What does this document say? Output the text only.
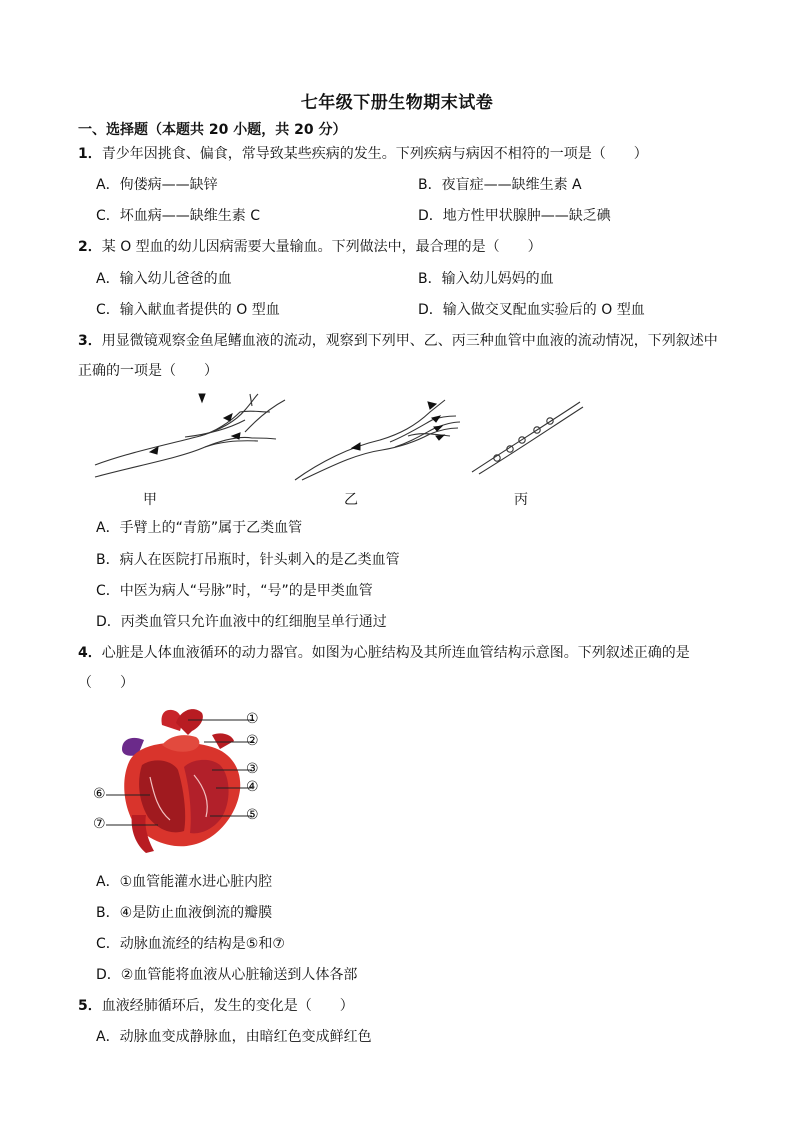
七年级下册生物期末试卷
一、选择题（本题共 20 小题，共 20 分）
1．青少年因挑食、偏食，常导致某些疾病的发生。下列疾病与病因不相符的一项是（　　）
A．佝偻病——缺锌	B．夜盲症——缺维生素 A
C．坏血病——缺维生素 C	D．地方性甲状腺肿——缺乏碘
2．某 O 型血的幼儿因病需要大量输血。下列做法中，最合理的是（　　）
A．输入幼儿爸爸的血	B．输入幼儿妈妈的血
C．输入献血者提供的 O 型血	D．输入做交叉配血实验后的 O 型血
3．用显微镜观察金鱼尾鳍血液的流动，观察到下列甲、乙、丙三种血管中血液的流动情况，下列叙述中
正确的一项是（　　）
甲	乙	丙
A．手臂上的“青筋”属于乙类血管
B．病人在医院打吊瓶时，针头刺入的是乙类血管
C．中医为病人“号脉”时，“号”的是甲类血管
D．丙类血管只允许血液中的红细胞呈单行通过
4．心脏是人体血液循环的动力器官。如图为心脏结构及其所连血管结构示意图。下列叙述正确的是
（　　）
①
②
③
④
⑤
⑥
⑦
A．①血管能灌水进心脏内腔
B．④是防止血液倒流的瓣膜
C．动脉血流经的结构是⑤和⑦
D．②血管能将血液从心脏输送到人体各部
5．血液经肺循环后，发生的变化是（　　）
A．动脉血变成静脉血，由暗红色变成鲜红色
